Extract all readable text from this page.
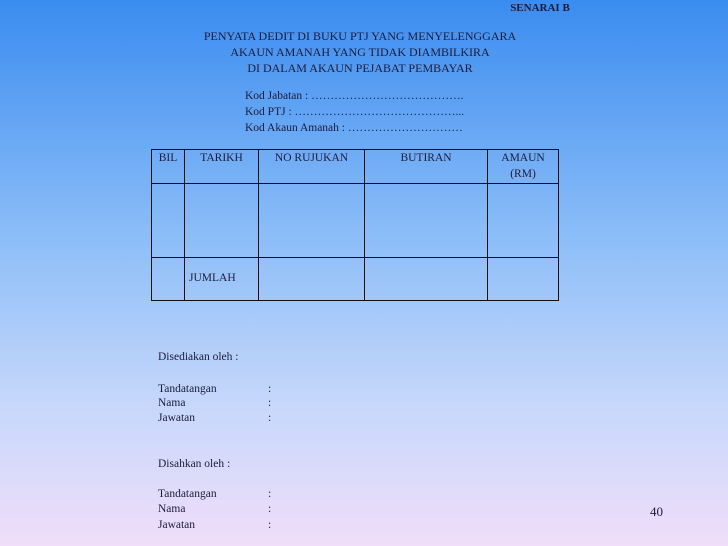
SENARAI B
PENYATA DEDIT DI BUKU PTJ YANG MENYELENGGARA
AKAUN AMANAH YANG TIDAK DIAMBILKIRA
DI DALAM AKAUN PEJABAT PEMBAYAR
Kod Jabatan : ………………………………….
Kod PTJ : ……………………………………...
Kod Akaun Amanah : …………………………
BIL	TARIKH	NO RUJUKAN	BUTIRAN	AMAUN (RM)

	JUMLAH			
Disediakan oleh :
Tandatangan	:
Nama	:
Jawatan	:
Disahkan oleh :
Tandatangan	:
Nama	:
Jawatan	:
40
